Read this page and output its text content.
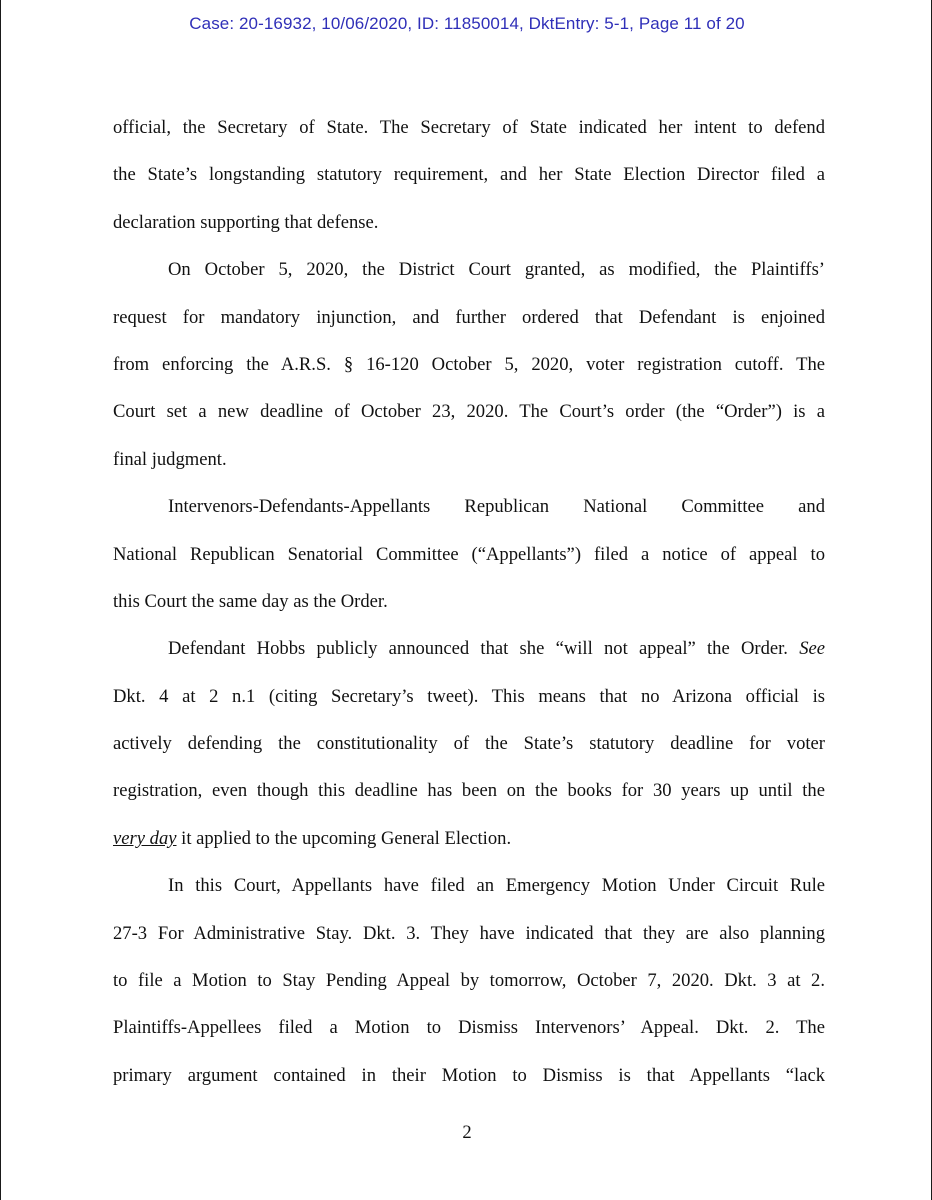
Case: 20-16932, 10/06/2020, ID: 11850014, DktEntry: 5-1, Page 11 of 20
official, the Secretary of State. The Secretary of State indicated her intent to defend
the State’s longstanding statutory requirement, and her State Election Director filed a
declaration supporting that defense.
On October 5, 2020, the District Court granted, as modified, the Plaintiffs’
request for mandatory injunction, and further ordered that Defendant is enjoined
from enforcing the A.R.S. § 16-120 October 5, 2020, voter registration cutoff. The
Court set a new deadline of October 23, 2020. The Court’s order (the “Order”) is a
final judgment.
Intervenors-Defendants-Appellants Republican National Committee and
National Republican Senatorial Committee (“Appellants”) filed a notice of appeal to
this Court the same day as the Order.
Defendant Hobbs publicly announced that she “will not appeal” the Order. See
Dkt. 4 at 2 n.1 (citing Secretary’s tweet). This means that no Arizona official is
actively defending the constitutionality of the State’s statutory deadline for voter
registration, even though this deadline has been on the books for 30 years up until the
very day it applied to the upcoming General Election.
In this Court, Appellants have filed an Emergency Motion Under Circuit Rule
27-3 For Administrative Stay. Dkt. 3. They have indicated that they are also planning
to file a Motion to Stay Pending Appeal by tomorrow, October 7, 2020. Dkt. 3 at 2.
Plaintiffs-Appellees filed a Motion to Dismiss Intervenors’ Appeal. Dkt. 2. The
primary argument contained in their Motion to Dismiss is that Appellants “lack
2
